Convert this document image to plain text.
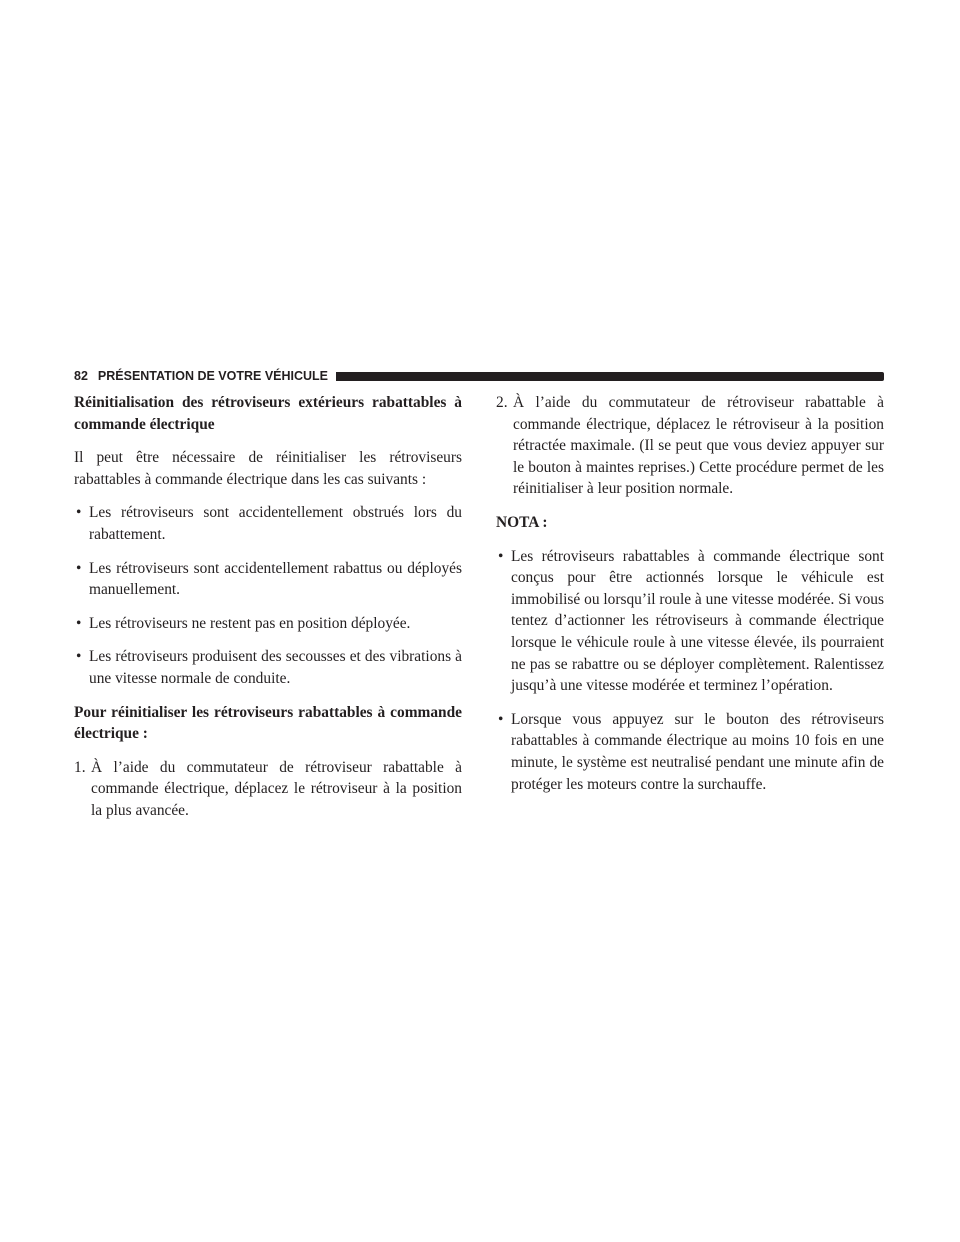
82 PRÉSENTATION DE VOTRE VÉHICULE

Réinitialisation des rétroviseurs extérieurs rabattables à commande électrique

Il peut être nécessaire de réinitialiser les rétroviseurs rabattables à commande électrique dans les cas suivants :

• Les rétroviseurs sont accidentellement obstrués lors du rabattement.
• Les rétroviseurs sont accidentellement rabattus ou déployés manuellement.
• Les rétroviseurs ne restent pas en position déployée.
• Les rétroviseurs produisent des secousses et des vibrations à une vitesse normale de conduite.

Pour réinitialiser les rétroviseurs rabattables à commande électrique :

1. À l’aide du commutateur de rétroviseur rabattable à commande électrique, déplacez le rétroviseur à la position la plus avancée.
2. À l’aide du commutateur de rétroviseur rabattable à commande électrique, déplacez le rétroviseur à la position rétractée maximale. (Il se peut que vous deviez appuyer sur le bouton à maintes reprises.) Cette procédure permet de les réinitialiser à leur position normale.

NOTA :

• Les rétroviseurs rabattables à commande électrique sont conçus pour être actionnés lorsque le véhicule est immobilisé ou lorsqu’il roule à une vitesse modérée. Si vous tentez d’actionner les rétroviseurs à commande électrique lorsque le véhicule roule à une vitesse élevée, ils pourraient ne pas se rabattre ou se déployer complètement. Ralentissez jusqu’à une vitesse modérée et terminez l’opération.
• Lorsque vous appuyez sur le bouton des rétroviseurs rabattables à commande électrique au moins 10 fois en une minute, le système est neutralisé pendant une minute afin de protéger les moteurs contre la surchauffe.
